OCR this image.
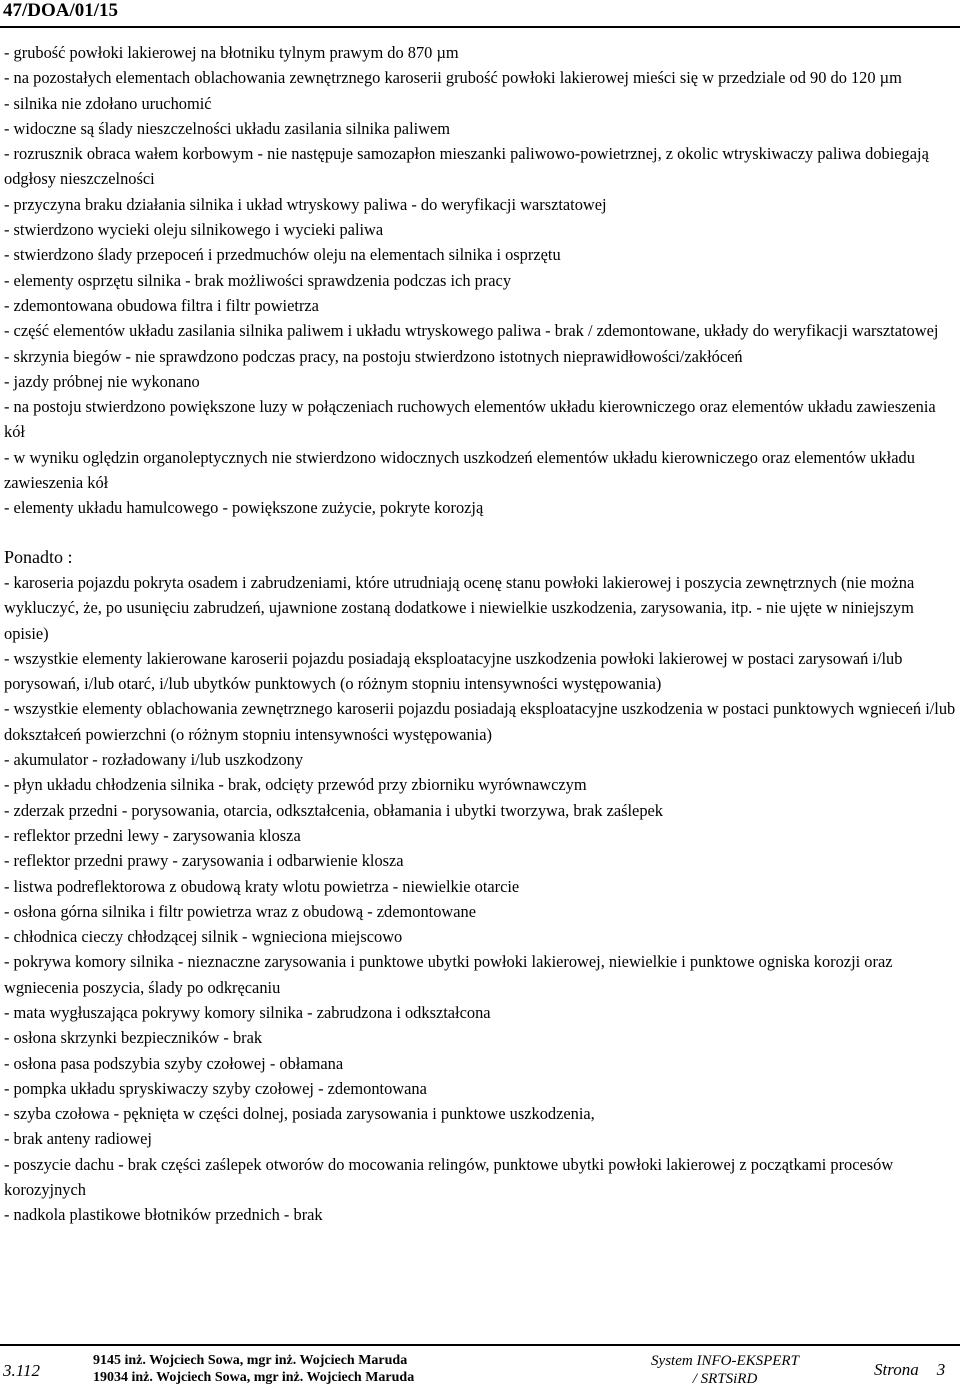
47/DOA/01/15

- grubość powłoki lakierowej na błotniku tylnym prawym do 870 µm

- na pozostałych elementach oblachowania zewnętrznego karoserii grubość powłoki lakierowej mieści się w przedziale od 90 do 120 µm

- silnika nie zdołano uruchomić

- widoczne są ślady nieszczelności układu zasilania silnika paliwem

- rozrusznik obraca wałem korbowym - nie następuje samozapłon mieszanki paliwowo-powietrznej, z okolic wtryskiwaczy paliwa dobiegają odgłosy nieszczelności

- przyczyna braku działania silnika i układ wtryskowy paliwa - do weryfikacji warsztatowej

- stwierdzono wycieki oleju silnikowego i wycieki paliwa

- stwierdzono ślady przepoceń i przedmuchów oleju na elementach silnika i osprzętu

- elementy osprzętu silnika - brak możliwości sprawdzenia podczas ich pracy

- zdemontowana obudowa filtra i filtr powietrza

- część elementów układu zasilania silnika paliwem i układu wtryskowego paliwa - brak / zdemontowane, układy do weryfikacji warsztatowej

- skrzynia biegów - nie sprawdzono podczas pracy, na postoju stwierdzono istotnych nieprawidłowości/zakłóceń

- jazdy próbnej nie wykonano

- na postoju stwierdzono powiększone luzy w połączeniach ruchowych elementów układu kierowniczego oraz elementów układu zawieszenia kół

- w wyniku oględzin organoleptycznych nie stwierdzono widocznych uszkodzeń elementów układu kierowniczego oraz elementów układu zawieszenia kół

- elementy układu hamulcowego - powiększone zużycie, pokryte korozją

Ponadto :

- karoseria pojazdu pokryta osadem i zabrudzeniami, które utrudniają ocenę stanu powłoki lakierowej i poszycia zewnętrznych (nie można wykluczyć, że, po usunięciu zabrudzeń, ujawnione zostaną dodatkowe i niewielkie uszkodzenia, zarysowania, itp. - nie ujęte w niniejszym opisie)

- wszystkie elementy lakierowane karoserii pojazdu posiadają eksploatacyjne uszkodzenia powłoki lakierowej w postaci zarysowań i/lub porysowań, i/lub otarć, i/lub ubytków punktowych (o różnym stopniu intensywności występowania)

- wszystkie elementy oblachowania zewnętrznego karoserii pojazdu posiadają eksploatacyjne uszkodzenia w postaci punktowych wgnieceń i/lub dokształceń powierzchni (o różnym stopniu intensywności występowania)

- akumulator - rozładowany i/lub uszkodzony

- płyn układu chłodzenia silnika - brak, odcięty przewód przy zbiorniku wyrównawczym

- zderzak przedni - porysowania, otarcia, odkształcenia, obłamania i ubytki tworzywa, brak zaślepek

- reflektor przedni lewy - zarysowania klosza

- reflektor przedni prawy - zarysowania i odbarwienie klosza

- listwa podreflektorowa z obudową kraty wlotu powietrza - niewielkie otarcie

- osłona górna silnika i filtr powietrza wraz z obudową - zdemontowane

- chłodnica cieczy chłodzącej silnik - wgnieciona miejscowo

- pokrywa komory silnika - nieznaczne zarysowania i punktowe ubytki powłoki lakierowej, niewielkie i punktowe ogniska korozji oraz wgniecenia poszycia, ślady po odkręcaniu

- mata wygłuszająca pokrywy komory silnika - zabrudzona i odkształcona

- osłona skrzynki bezpieczników - brak

- osłona pasa podszybia szyby czołowej - obłamana

- pompka układu spryskiwaczy szyby czołowej - zdemontowana

- szyba czołowa - pęknięta w części dolnej, posiada zarysowania i punktowe uszkodzenia,

- brak anteny radiowej

- poszycie dachu - brak części zaślepek otworów do mocowania relingów, punktowe ubytki powłoki lakierowej z początkami procesów korozyjnych

- nadkola plastikowe błotników przednich - brak

3.112
9145 inż. Wojciech Sowa, mgr inż. Wojciech Maruda
19034 inż. Wojciech Sowa, mgr inż. Wojciech Maruda
System INFO-EKSPERT
/ SRTSiRD	Strona 3
